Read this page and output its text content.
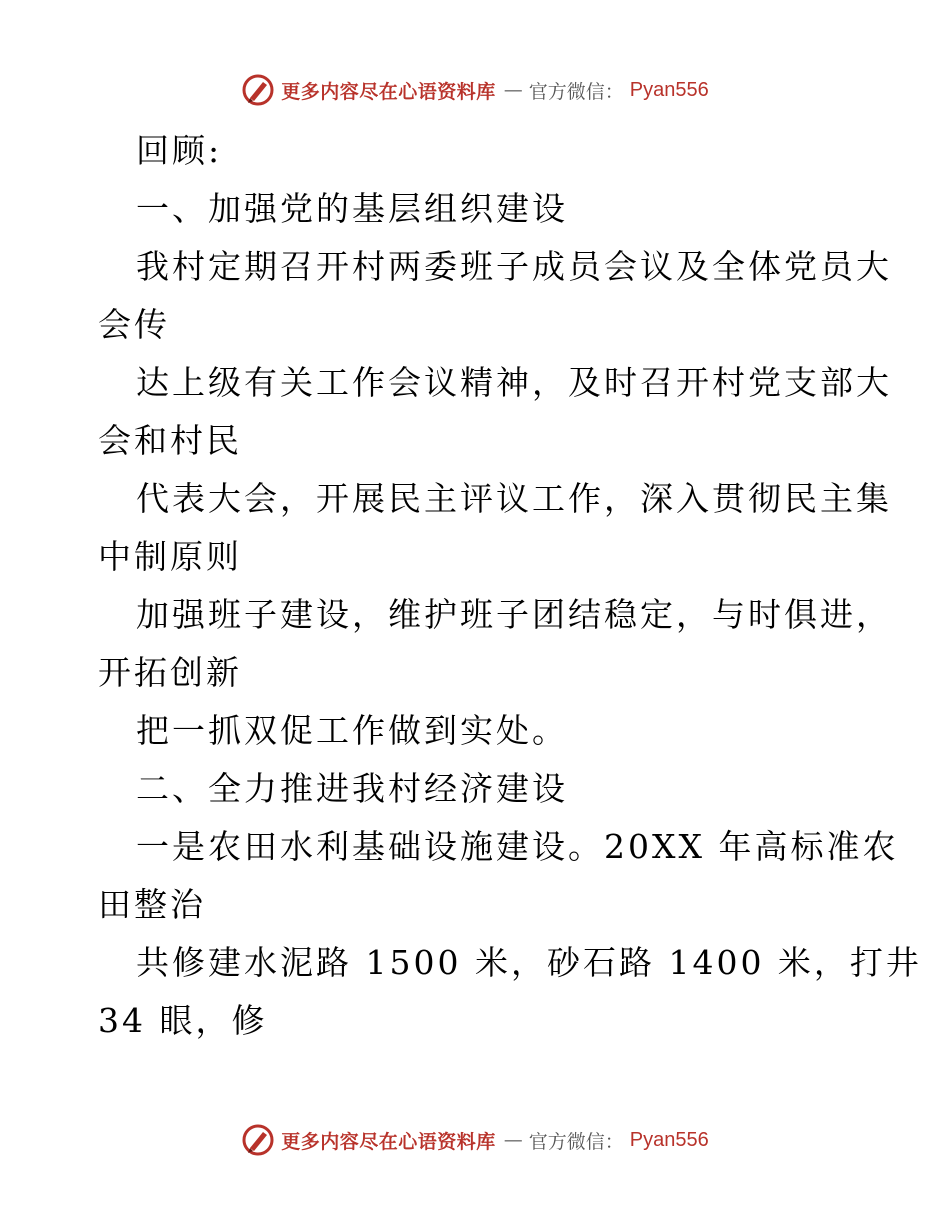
更多内容尽在心语资料库 — 官方微信： Pyan556
回顾:
一、加强党的基层组织建设
我村定期召开村两委班子成员会议及全体党员大
会传
达上级有关工作会议精神，及时召开村党支部大
会和村民
代表大会，开展民主评议工作，深入贯彻民主集
中制原则
加强班子建设，维护班子团结稳定，与时俱进，
开拓创新
把一抓双促工作做到实处。
二、全力推进我村经济建设
一是农田水利基础设施建设。20XX 年高标准农
田整治
共修建水泥路 1500 米，砂石路 1400 米，打井
34 眼，修
更多内容尽在心语资料库 — 官方微信： Pyan556
